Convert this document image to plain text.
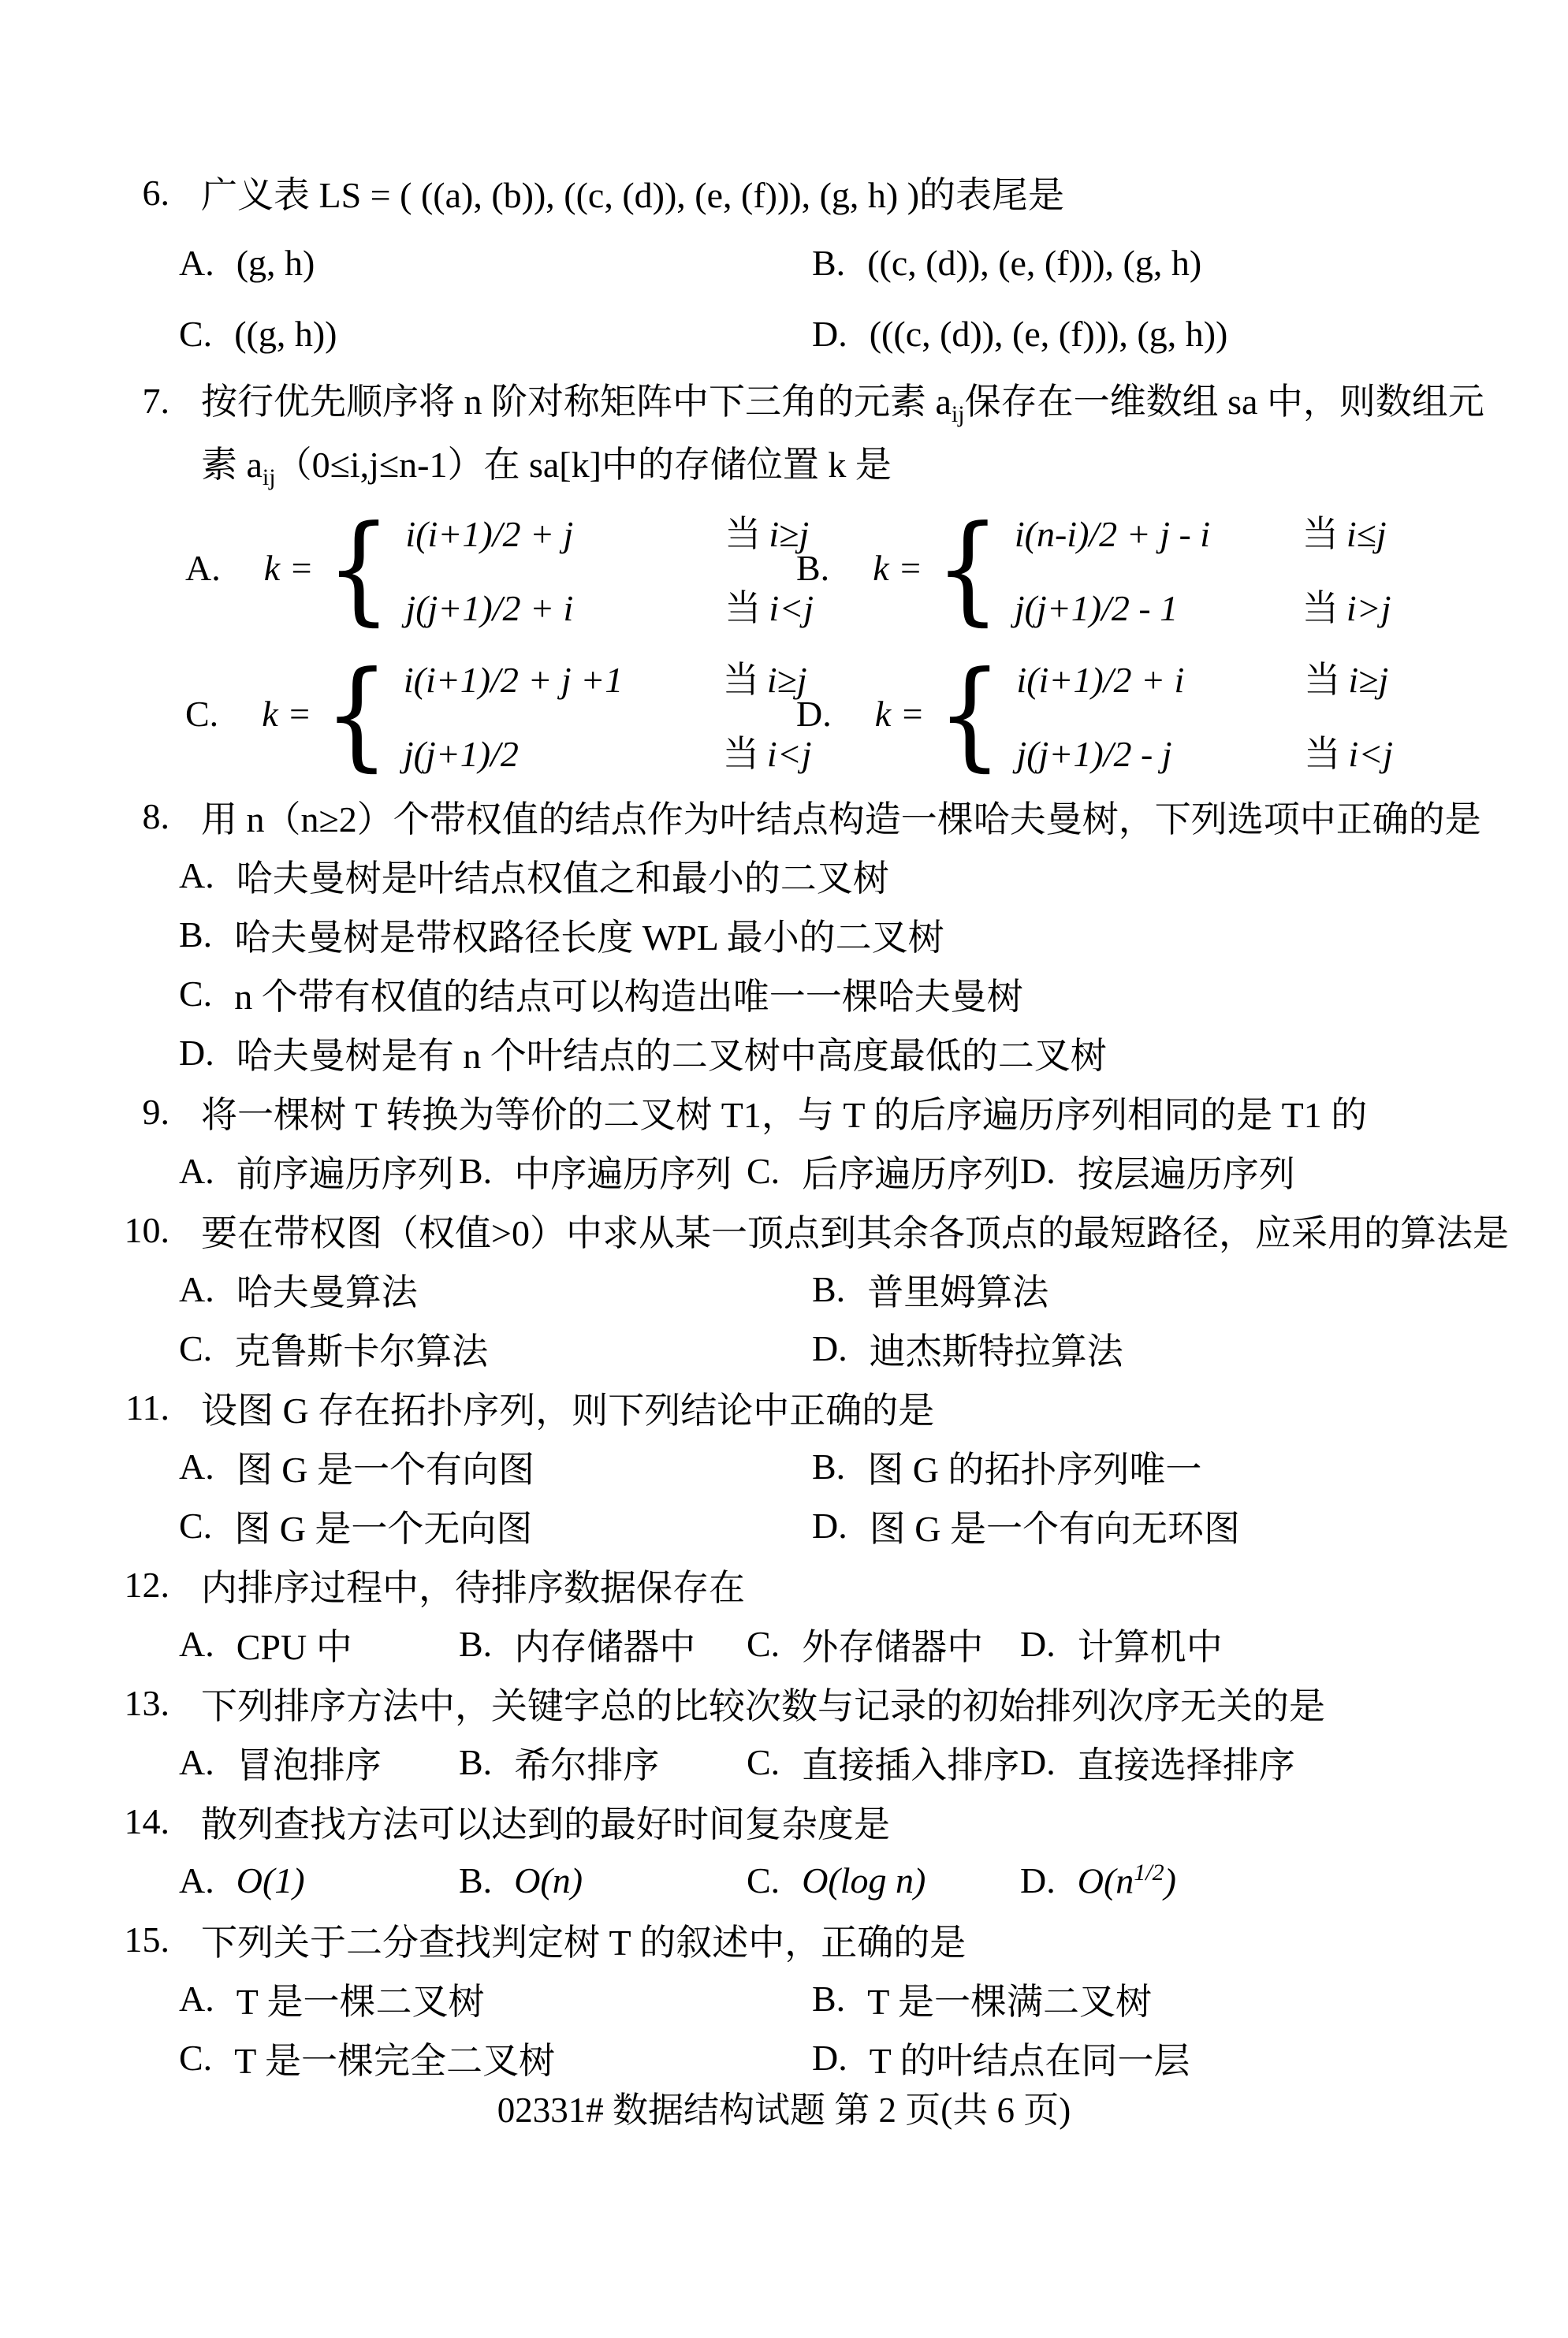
6. 广义表 LS = ( ((a), (b)), ((c, (d)), (e, (f))), (g, h) )的表尾是
A. (g, h)	B. ((c, (d)), (e, (f))), (g, h)
C. ((g, h))	D. (((c, (d)), (e, (f))), (g, h))
7. 按行优先顺序将 n 阶对称矩阵中下三角的元素 $a_{ij}$保存在一维数组 sa 中，则数组元
素 $a_{ij}(0\le i,j\le n-1)$在 sa[k]中的存储位置 k 是
A. k = { i(i+1)/2 + j	当 i≥j
j(j+1)/2 + i	当 i<j
B. k = { i(n-i)/2 + j - i	当 i≤j
j(j+1)/2 - 1	当 i>j
C. k = { i(i+1)/2 + j +1	当 i≥j
j(j+1)/2	当 i<j
D. k = { i(i+1)/2 + i	当 i≥j
j(j+1)/2 - j	当 i<j
8. 用 n（n≥2）个带权值的结点作为叶结点构造一棵哈夫曼树，下列选项中正确的是
A. 哈夫曼树是叶结点权值之和最小的二叉树
B. 哈夫曼树是带权路径长度 WPL 最小的二叉树
C. n 个带有权值的结点可以构造出唯一一棵哈夫曼树
D. 哈夫曼树是有 n 个叶结点的二叉树中高度最低的二叉树
9. 将一棵树 T 转换为等价的二叉树 T1，与 T 的后序遍历序列相同的是 T1 的
A. 前序遍历序列 B. 中序遍历序列 C. 后序遍历序列 D. 按层遍历序列
10. 要在带权图（权值>0）中求从某一顶点到其余各顶点的最短路径，应采用的算法是
A. 哈夫曼算法	B. 普里姆算法
C. 克鲁斯卡尔算法	D. 迪杰斯特拉算法
11. 设图 G 存在拓扑序列，则下列结论中正确的是
A. 图 G 是一个有向图	B. 图 G 的拓扑序列唯一
C. 图 G 是一个无向图	D. 图 G 是一个有向无环图
12. 内排序过程中，待排序数据保存在
A. CPU 中	B. 内存储器中 C. 外存储器中 D. 计算机中
13. 下列排序方法中，关键字总的比较次数与记录的初始排列次序无关的是
A. 冒泡排序 B. 希尔排序 C. 直接插入排序 D. 直接选择排序
14. 散列查找方法可以达到的最好时间复杂度是
A. O(1)	B. O(n)	C. O(log n)	D. $O(n^{1/2})$
15. 下列关于二分查找判定树 T 的叙述中，正确的是
A. T 是一棵二叉树	B. T 是一棵满二叉树
C. T 是一棵完全二叉树	D. T 的叶结点在同一层
02331# 数据结构试题 第 2 页(共 6 页)
